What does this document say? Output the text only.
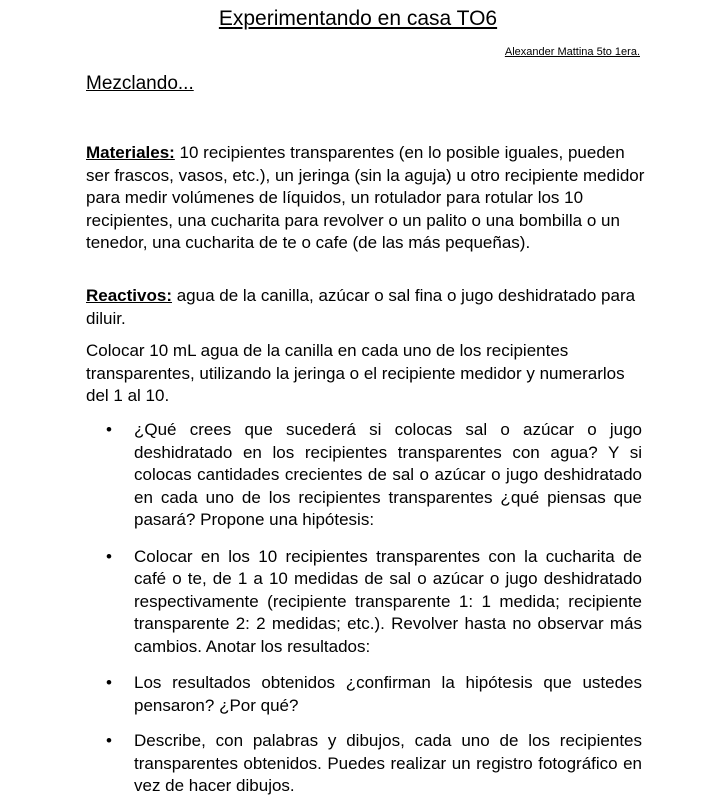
Experimentando en casa TO6
Alexander Mattina 5to 1era.
Mezclando...

Materiales: 10 recipientes transparentes (en lo posible iguales, pueden ser frascos, vasos, etc.), un jeringa (sin la aguja) u otro recipiente medidor para medir volúmenes de líquidos, un rotulador para rotular los 10 recipientes, una cucharita para revolver o un palito o una bombilla o un tenedor, una cucharita de te o cafe (de las más pequeñas).

Reactivos: agua de la canilla, azúcar o sal fina o jugo deshidratado para diluir.

Colocar 10 mL agua de la canilla en cada uno de los recipientes transparentes, utilizando la jeringa o el recipiente medidor y numerarlos del 1 al 10.

• ¿Qué crees que sucederá si colocas sal o azúcar o jugo deshidratado en los recipientes transparentes con agua? Y si colocas cantidades crecientes de sal o azúcar o jugo deshidratado en cada uno de los recipientes transparentes ¿qué piensas que pasará? Propone una hipótesis:
• Colocar en los 10 recipientes transparentes con la cucharita de café o te, de 1 a 10 medidas de sal o azúcar o jugo deshidratado respectivamente (recipiente transparente 1: 1 medida; recipiente transparente 2: 2 medidas; etc.). Revolver hasta no observar más cambios. Anotar los resultados:
• Los resultados obtenidos ¿confirman la hipótesis que ustedes pensaron? ¿Por qué?
• Describe, con palabras y dibujos, cada uno de los recipientes transparentes obtenidos. Puedes realizar un registro fotográfico en vez de hacer dibujos.
